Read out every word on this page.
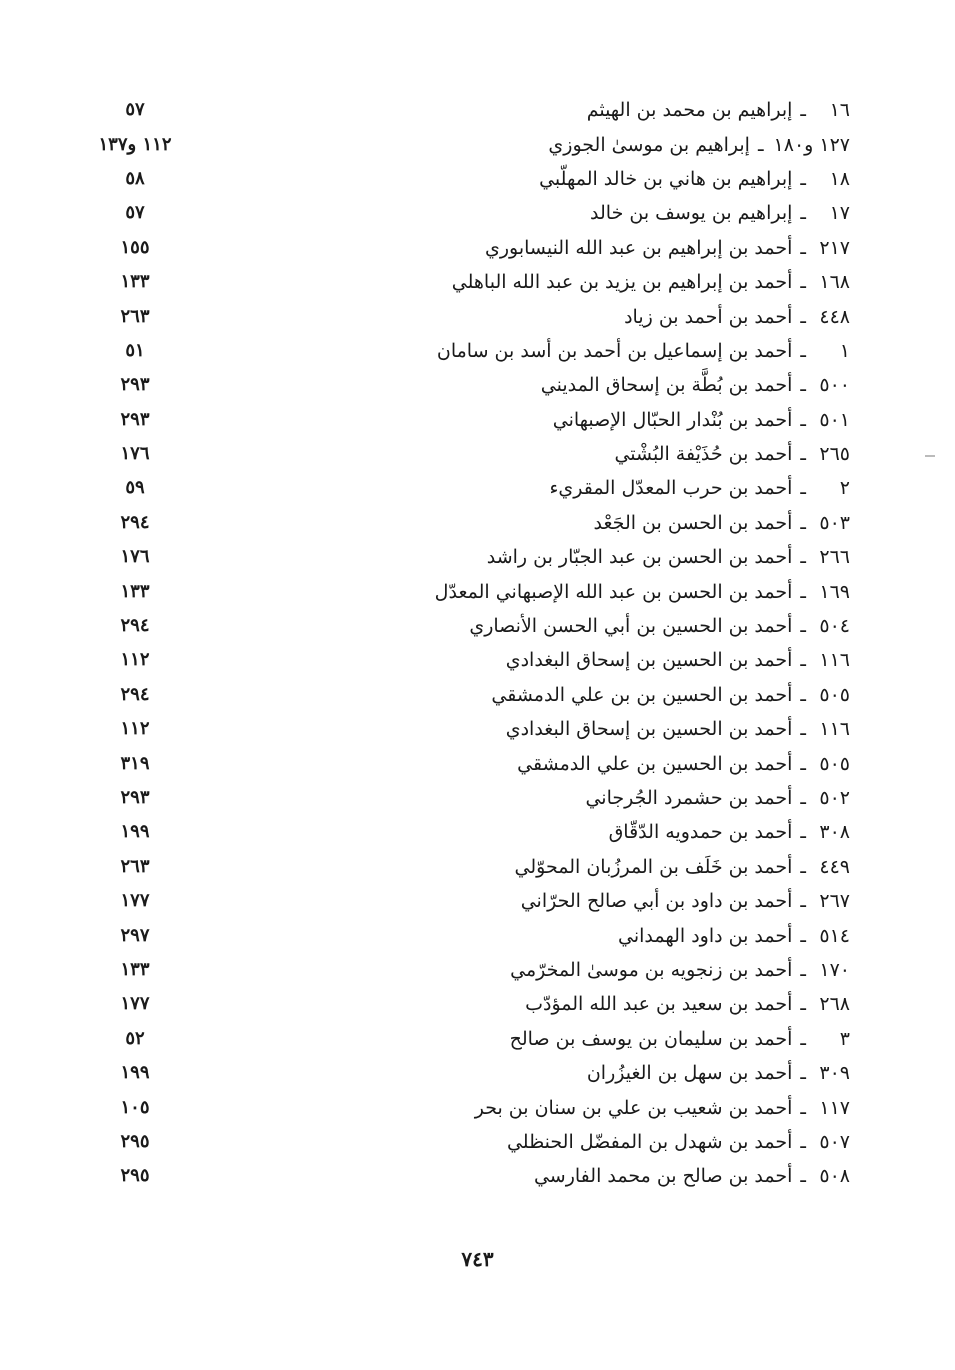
١٦
ـ
إبراهيم بن محمد بن الهيثم
٥٧
١٢٧ و١٨٠
ـ
إبراهيم بن موسىٰ الجوزي
١١٢ و١٣٧
١٨
ـ
إبراهيم بن هاني بن خالد المهلّبي
٥٨
١٧
ـ
إبراهيم بن يوسف بن خالد
٥٧
٢١٧
ـ
أحمد بن إبراهيم بن عبد الله النيسابوري
١٥٥
١٦٨
ـ
أحمد بن إبراهيم بن يزيد بن عبد الله الباهلي
١٣٣
٤٤٨
ـ
أحمد بن أحمد بن زياد
٢٦٣
١
ـ
أحمد بن إسماعيل بن أحمد بن أسد بن سامان
٥١
٥٠٠
ـ
أحمد بن بُطَّة بن إسحاق المديني
٢٩٣
٥٠١
ـ
أحمد بن بُنْدار الحبّال الإصبهاني
٢٩٣
٢٦٥
ـ
أحمد بن حُذَيْفة البُشْتي
١٧٦
٢
ـ
أحمد بن حرب المعدّل المقريء
٥٩
٥٠٣
ـ
أحمد بن الحسن بن الجَعْد
٢٩٤
٢٦٦
ـ
أحمد بن الحسن بن عبد الجبّار بن راشد
١٧٦
١٦٩
ـ
أحمد بن الحسن بن عبد الله الإصبهاني المعدّل
١٣٣
٥٠٤
ـ
أحمد بن الحسين بن أبي الحسن الأنصاري
٢٩٤
١١٦
ـ
أحمد بن الحسين بن إسحاق البغدادي
١١٢
٥٠٥
ـ
أحمد بن الحسين بن بن علي الدمشقي
٢٩٤
١١٦
ـ
أحمد بن الحسين بن إسحاق البغدادي
١١٢
٥٠٥
ـ
أحمد بن الحسين بن علي الدمشقي
٣١٩
٥٠٢
ـ
أحمد بن حشمرد الجُرجاني
٢٩٣
٣٠٨
ـ
أحمد بن حمدويه الدّقّاق
١٩٩
٤٤٩
ـ
أحمد بن خَلَف بن المرزُبان المحوّلي
٢٦٣
٢٦٧
ـ
أحمد بن داود بن أبي صالح الحرّاني
١٧٧
٥١٤
ـ
أحمد بن داود الهمداني
٢٩٧
١٧٠
ـ
أحمد بن زنجويه بن موسىٰ المخرّمي
١٣٣
٢٦٨
ـ
أحمد بن سعيد بن عبد الله المؤدّب
١٧٧
٣
ـ
أحمد بن سليمان بن يوسف بن صالح
٥٢
٣٠٩
ـ
أحمد بن سهل بن الغيزُران
١٩٩
١١٧
ـ
أحمد بن شعيب بن علي بن سنان بن بحر
١٠٥
٥٠٧
ـ
أحمد بن شهدل بن المفضّل الحنظلي
٢٩٥
٥٠٨
ـ
أحمد بن صالح بن محمد الفارسي
٢٩٥
٧٤٣
